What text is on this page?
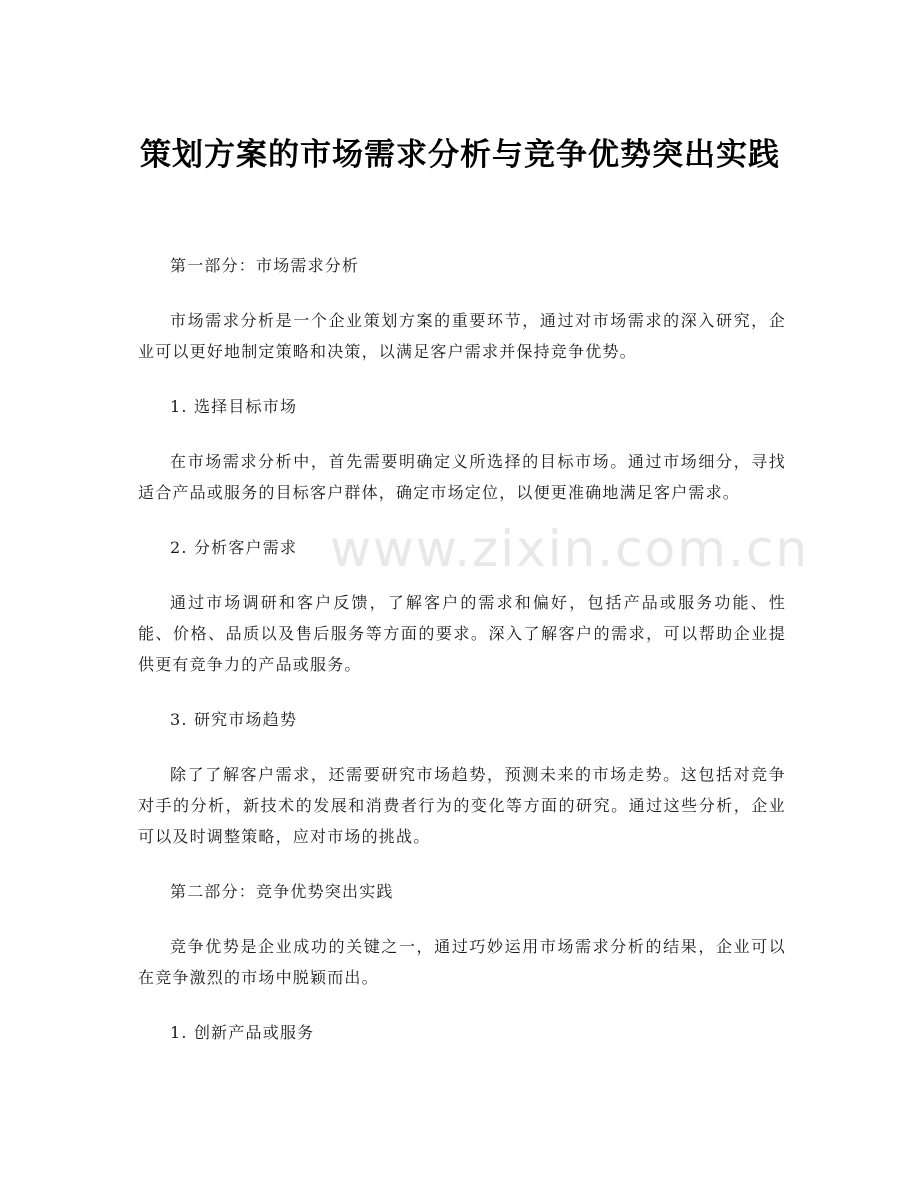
www.zixin.com.cn
策划方案的市场需求分析与竞争优势突出实践

第一部分：市场需求分析

市场需求分析是一个企业策划方案的重要环节，通过对市场需求的深入研究，企业可以更好地制定策略和决策，以满足客户需求并保持竞争优势。

1. 选择目标市场

在市场需求分析中，首先需要明确定义所选择的目标市场。通过市场细分，寻找适合产品或服务的目标客户群体，确定市场定位，以便更准确地满足客户需求。

2. 分析客户需求

通过市场调研和客户反馈，了解客户的需求和偏好，包括产品或服务功能、性能、价格、品质以及售后服务等方面的要求。深入了解客户的需求，可以帮助企业提供更有竞争力的产品或服务。

3. 研究市场趋势

除了了解客户需求，还需要研究市场趋势，预测未来的市场走势。这包括对竞争对手的分析，新技术的发展和消费者行为的变化等方面的研究。通过这些分析，企业可以及时调整策略，应对市场的挑战。

第二部分：竞争优势突出实践

竞争优势是企业成功的关键之一，通过巧妙运用市场需求分析的结果，企业可以在竞争激烈的市场中脱颖而出。

1. 创新产品或服务
